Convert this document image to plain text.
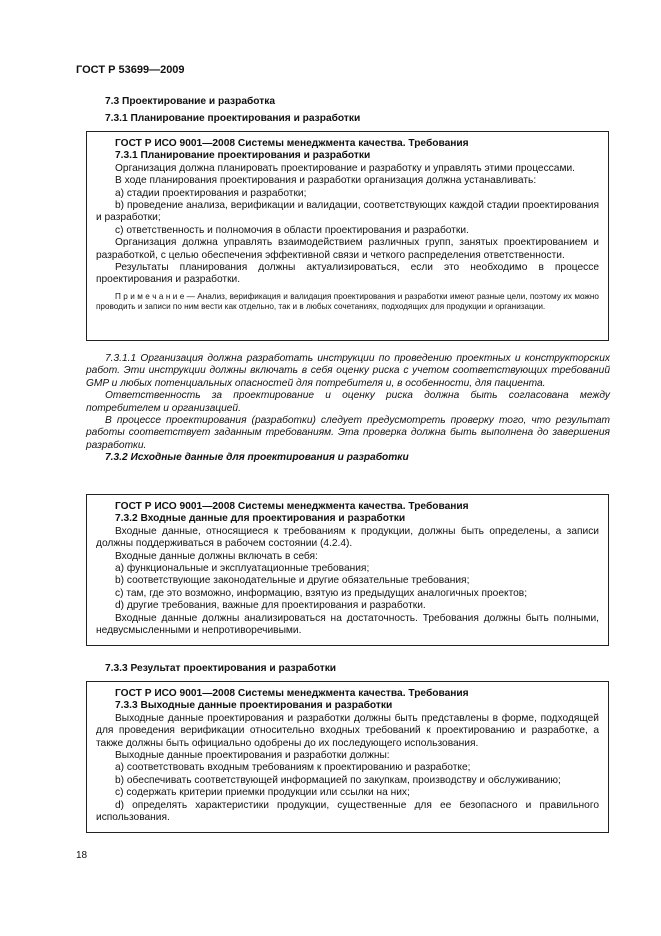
ГОСТ Р 53699—2009
7.3 Проектирование и разработка
7.3.1 Планирование проектирования и разработки

ГОСТ Р ИСО 9001—2008 Системы менеджмента качества. Требования

7.3.1 Планирование проектирования и разработки

Организация должна планировать проектирование и разработку и управлять этими процессами.

В ходе планирования проектирования и разработки организация должна устанавливать:

a) стадии проектирования и разработки;

b) проведение анализа, верификации и валидации, соответствующих каждой стадии проектирования и разработки;

c) ответственность и полномочия в области проектирования и разработки.

Организация должна управлять взаимодействием различных групп, занятых проектированием и разработкой, с целью обеспечения эффективной связи и четкого распределения ответственности.

Результаты планирования должны актуализироваться, если это необходимо в процессе проектирования и разработки.

П р и м е ч а н и е — Анализ, верификация и валидация проектирования и разработки имеют разные цели, поэтому их можно проводить и записи по ним вести как отдельно, так и в любых сочетаниях, подходящих для продукции и организации.

7.3.1.1 Организация должна разработать инструкции по проведению проектных и конструкторских работ. Эти инструкции должны включать в себя оценку риска с учетом соответствующих требований GMP и любых потенциальных опасностей для потребителя и, в особенности, для пациента.

Ответственность за проектирование и оценку риска должна быть согласована между потребителем и организацией.

В процессе проектирования (разработки) следует предусмотреть проверку того, что результат работы соответствует заданным требованиям. Эта проверка должна быть выполнена до завершения разработки.

7.3.2 Исходные данные для проектирования и разработки

ГОСТ Р ИСО 9001—2008 Системы менеджмента качества. Требования

7.3.2 Входные данные для проектирования и разработки

Входные данные, относящиеся к требованиям к продукции, должны быть определены, а записи должны поддерживаться в рабочем состоянии (4.2.4).

Входные данные должны включать в себя:

a) функциональные и эксплуатационные требования;

b) соответствующие законодательные и другие обязательные требования;

c) там, где это возможно, информацию, взятую из предыдущих аналогичных проектов;

d) другие требования, важные для проектирования и разработки.

Входные данные должны анализироваться на достаточность. Требования должны быть полными, недвусмысленными и непротиворечивыми.

7.3.3 Результат проектирования и разработки

ГОСТ Р ИСО 9001—2008 Системы менеджмента качества. Требования

7.3.3 Выходные данные проектирования и разработки

Выходные данные проектирования и разработки должны быть представлены в форме, подходящей для проведения верификации относительно входных требований к проектированию и разработке, а также должны быть официально одобрены до их последующего использования.

Выходные данные проектирования и разработки должны:

a) соответствовать входным требованиям к проектированию и разработке;

b) обеспечивать соответствующей информацией по закупкам, производству и обслуживанию;

c) содержать критерии приемки продукции или ссылки на них;

d) определять характеристики продукции, существенные для ее безопасного и правильного использования.

18
